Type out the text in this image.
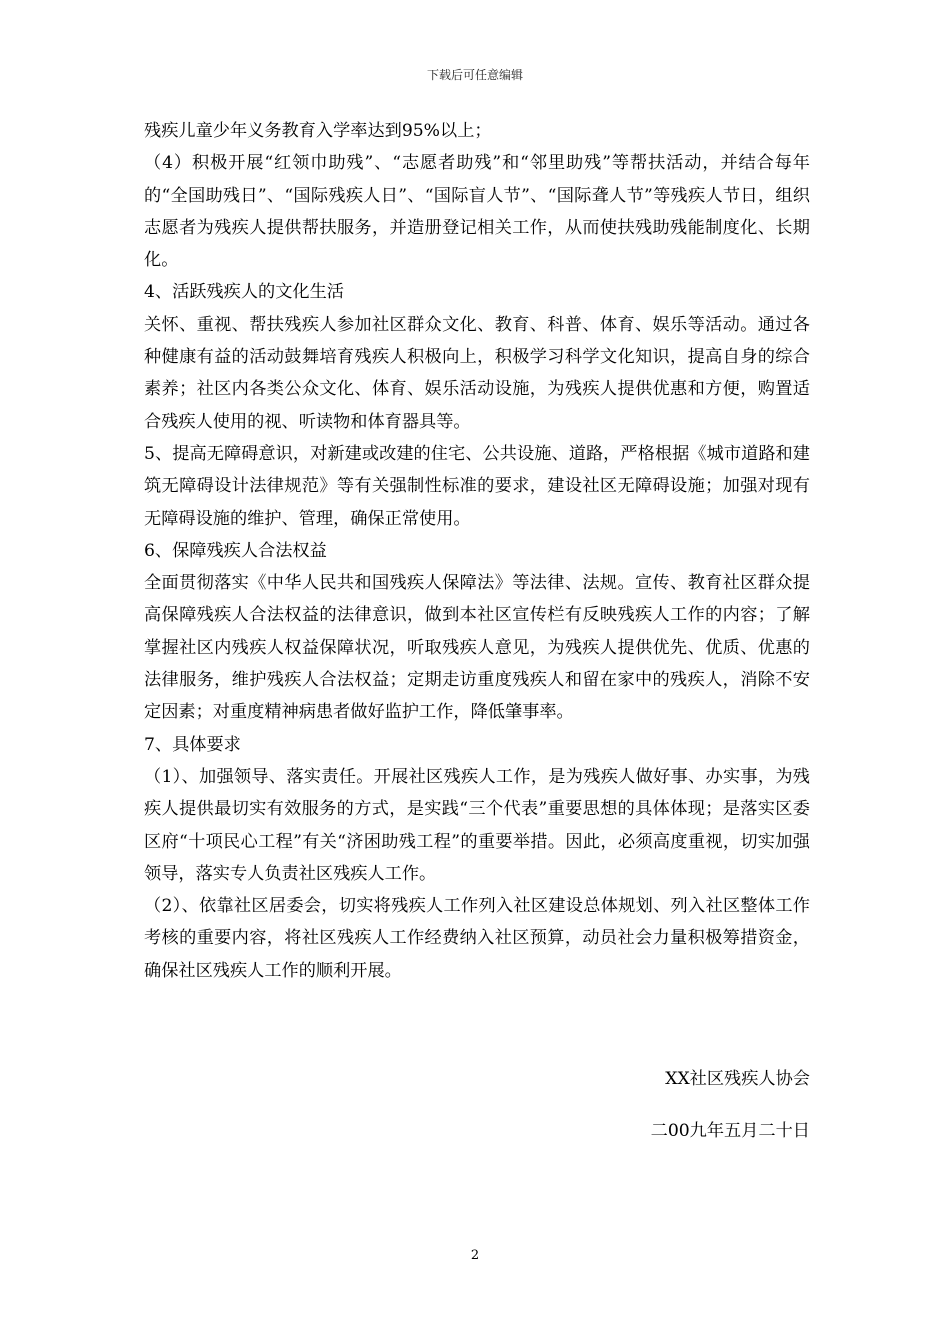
下载后可任意编辑

残疾儿童少年义务教育入学率达到95%以上；

（4）积极开展“红领巾助残”、“志愿者助残”和“邻里助残”等帮扶活动，并结合每年的“全国助残日”、“国际残疾人日”、“国际盲人节”、“国际聋人节”等残疾人节日，组织志愿者为残疾人提供帮扶服务，并造册登记相关工作，从而使扶残助残能制度化、长期化。

4、活跃残疾人的文化生活

关怀、重视、帮扶残疾人参加社区群众文化、教育、科普、体育、娱乐等活动。通过各种健康有益的活动鼓舞培育残疾人积极向上，积极学习科学文化知识，提高自身的综合素养；社区内各类公众文化、体育、娱乐活动设施，为残疾人提供优惠和方便，购置适合残疾人使用的视、听读物和体育器具等。

5、提高无障碍意识，对新建或改建的住宅、公共设施、道路，严格根据《城市道路和建筑无障碍设计法律规范》等有关强制性标准的要求，建设社区无障碍设施；加强对现有无障碍设施的维护、管理，确保正常使用。

6、保障残疾人合法权益

全面贯彻落实《中华人民共和国残疾人保障法》等法律、法规。宣传、教育社区群众提高保障残疾人合法权益的法律意识，做到本社区宣传栏有反映残疾人工作的内容；了解掌握社区内残疾人权益保障状况，听取残疾人意见，为残疾人提供优先、优质、优惠的法律服务，维护残疾人合法权益；定期走访重度残疾人和留在家中的残疾人，消除不安定因素；对重度精神病患者做好监护工作，降低肇事率。

7、具体要求

（1）、加强领导、落实责任。开展社区残疾人工作，是为残疾人做好事、办实事，为残疾人提供最切实有效服务的方式，是实践“三个代表”重要思想的具体体现；是落实区委区府“十项民心工程”有关“济困助残工程”的重要举措。因此，必须高度重视，切实加强领导，落实专人负责社区残疾人工作。

（2）、依靠社区居委会，切实将残疾人工作列入社区建设总体规划、列入社区整体工作考核的重要内容，将社区残疾人工作经费纳入社区预算，动员社会力量积极筹措资金，确保社区残疾人工作的顺利开展。

XX社区残疾人协会
二00九年五月二十日
2
